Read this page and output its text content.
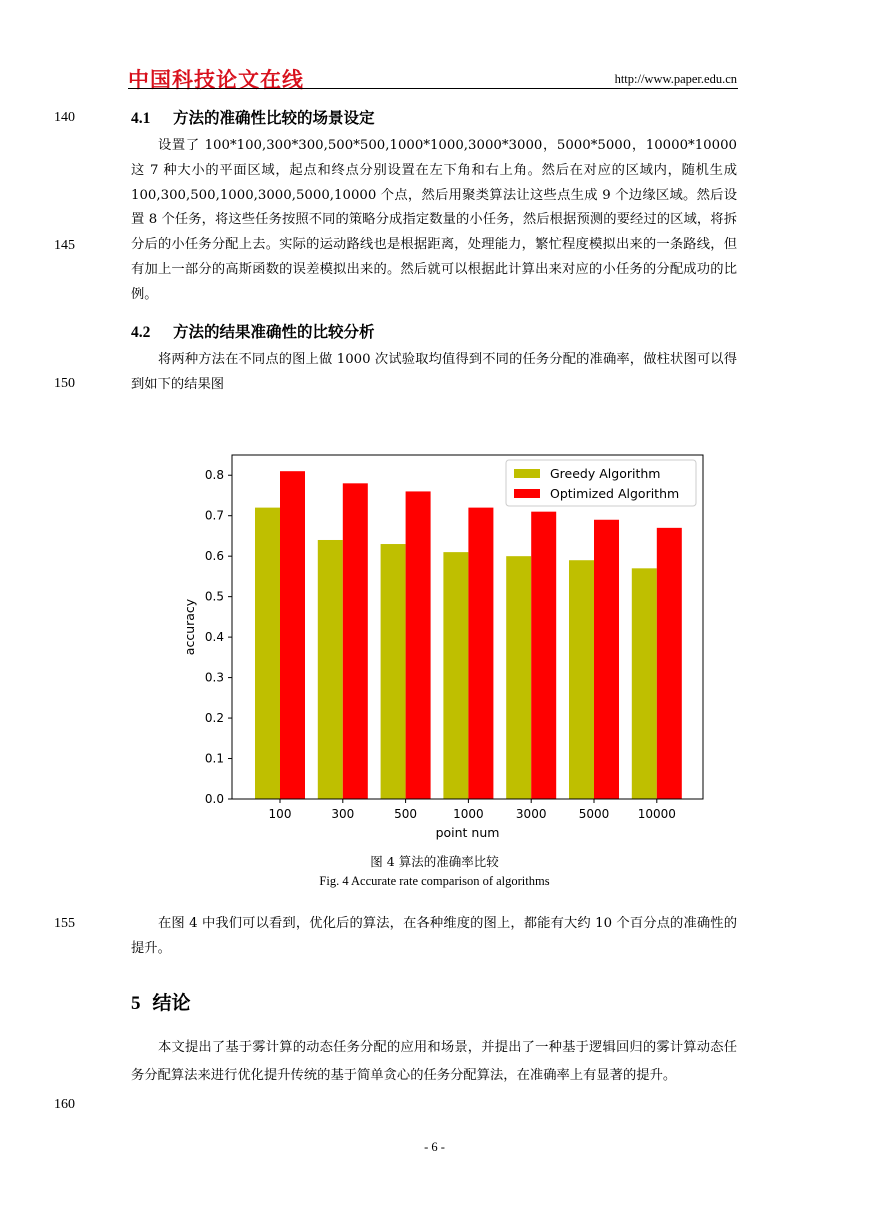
中国科技论文在线	http://www.paper.edu.cn
140
145
150
155
160
4.1 方法的准确性比较的场景设定

设置了 100*100,300*300,500*500,1000*1000,3000*3000，5000*5000，10000*10000 这 7 种大小的平面区域，起点和终点分别设置在左下角和右上角。然后在对应的区域内，随机生成 100,300,500,1000,3000,5000,10000 个点，然后用聚类算法让这些点生成 9 个边缘区域。然后设置 8 个任务，将这些任务按照不同的策略分成指定数量的小任务，然后根据预测的要经过的区域，将拆分后的小任务分配上去。实际的运动路线也是根据距离，处理能力，繁忙程度模拟出来的一条路线，但有加上一部分的高斯函数的误差模拟出来的。然后就可以根据此计算出来对应的小任务的分配成功的比例。

4.2 方法的结果准确性的比较分析

将两种方法在不同点的图上做 1000 次试验取均值得到不同的任务分配的准确率，做柱状图可以得到如下的结果图

100	300	500	1000	3000	5000 10000
0.0
0.1
0.2
0.3
0.4
0.5
0.6
0.7
0.8
point num
accuracy
Greedy Algorithm
Optimized Algorithm
图 4 算法的准确率比较
Fig. 4 Accurate rate comparison of algorithms

在图 4 中我们可以看到，优化后的算法，在各种维度的图上，都能有大约 10 个百分点的准确性的提升。

5 结论

本文提出了基于雾计算的动态任务分配的应用和场景，并提出了一种基于逻辑回归的雾计算动态任务分配算法来进行优化提升传统的基于简单贪心的任务分配算法，在准确率上有显著的提升。

- 6 -
